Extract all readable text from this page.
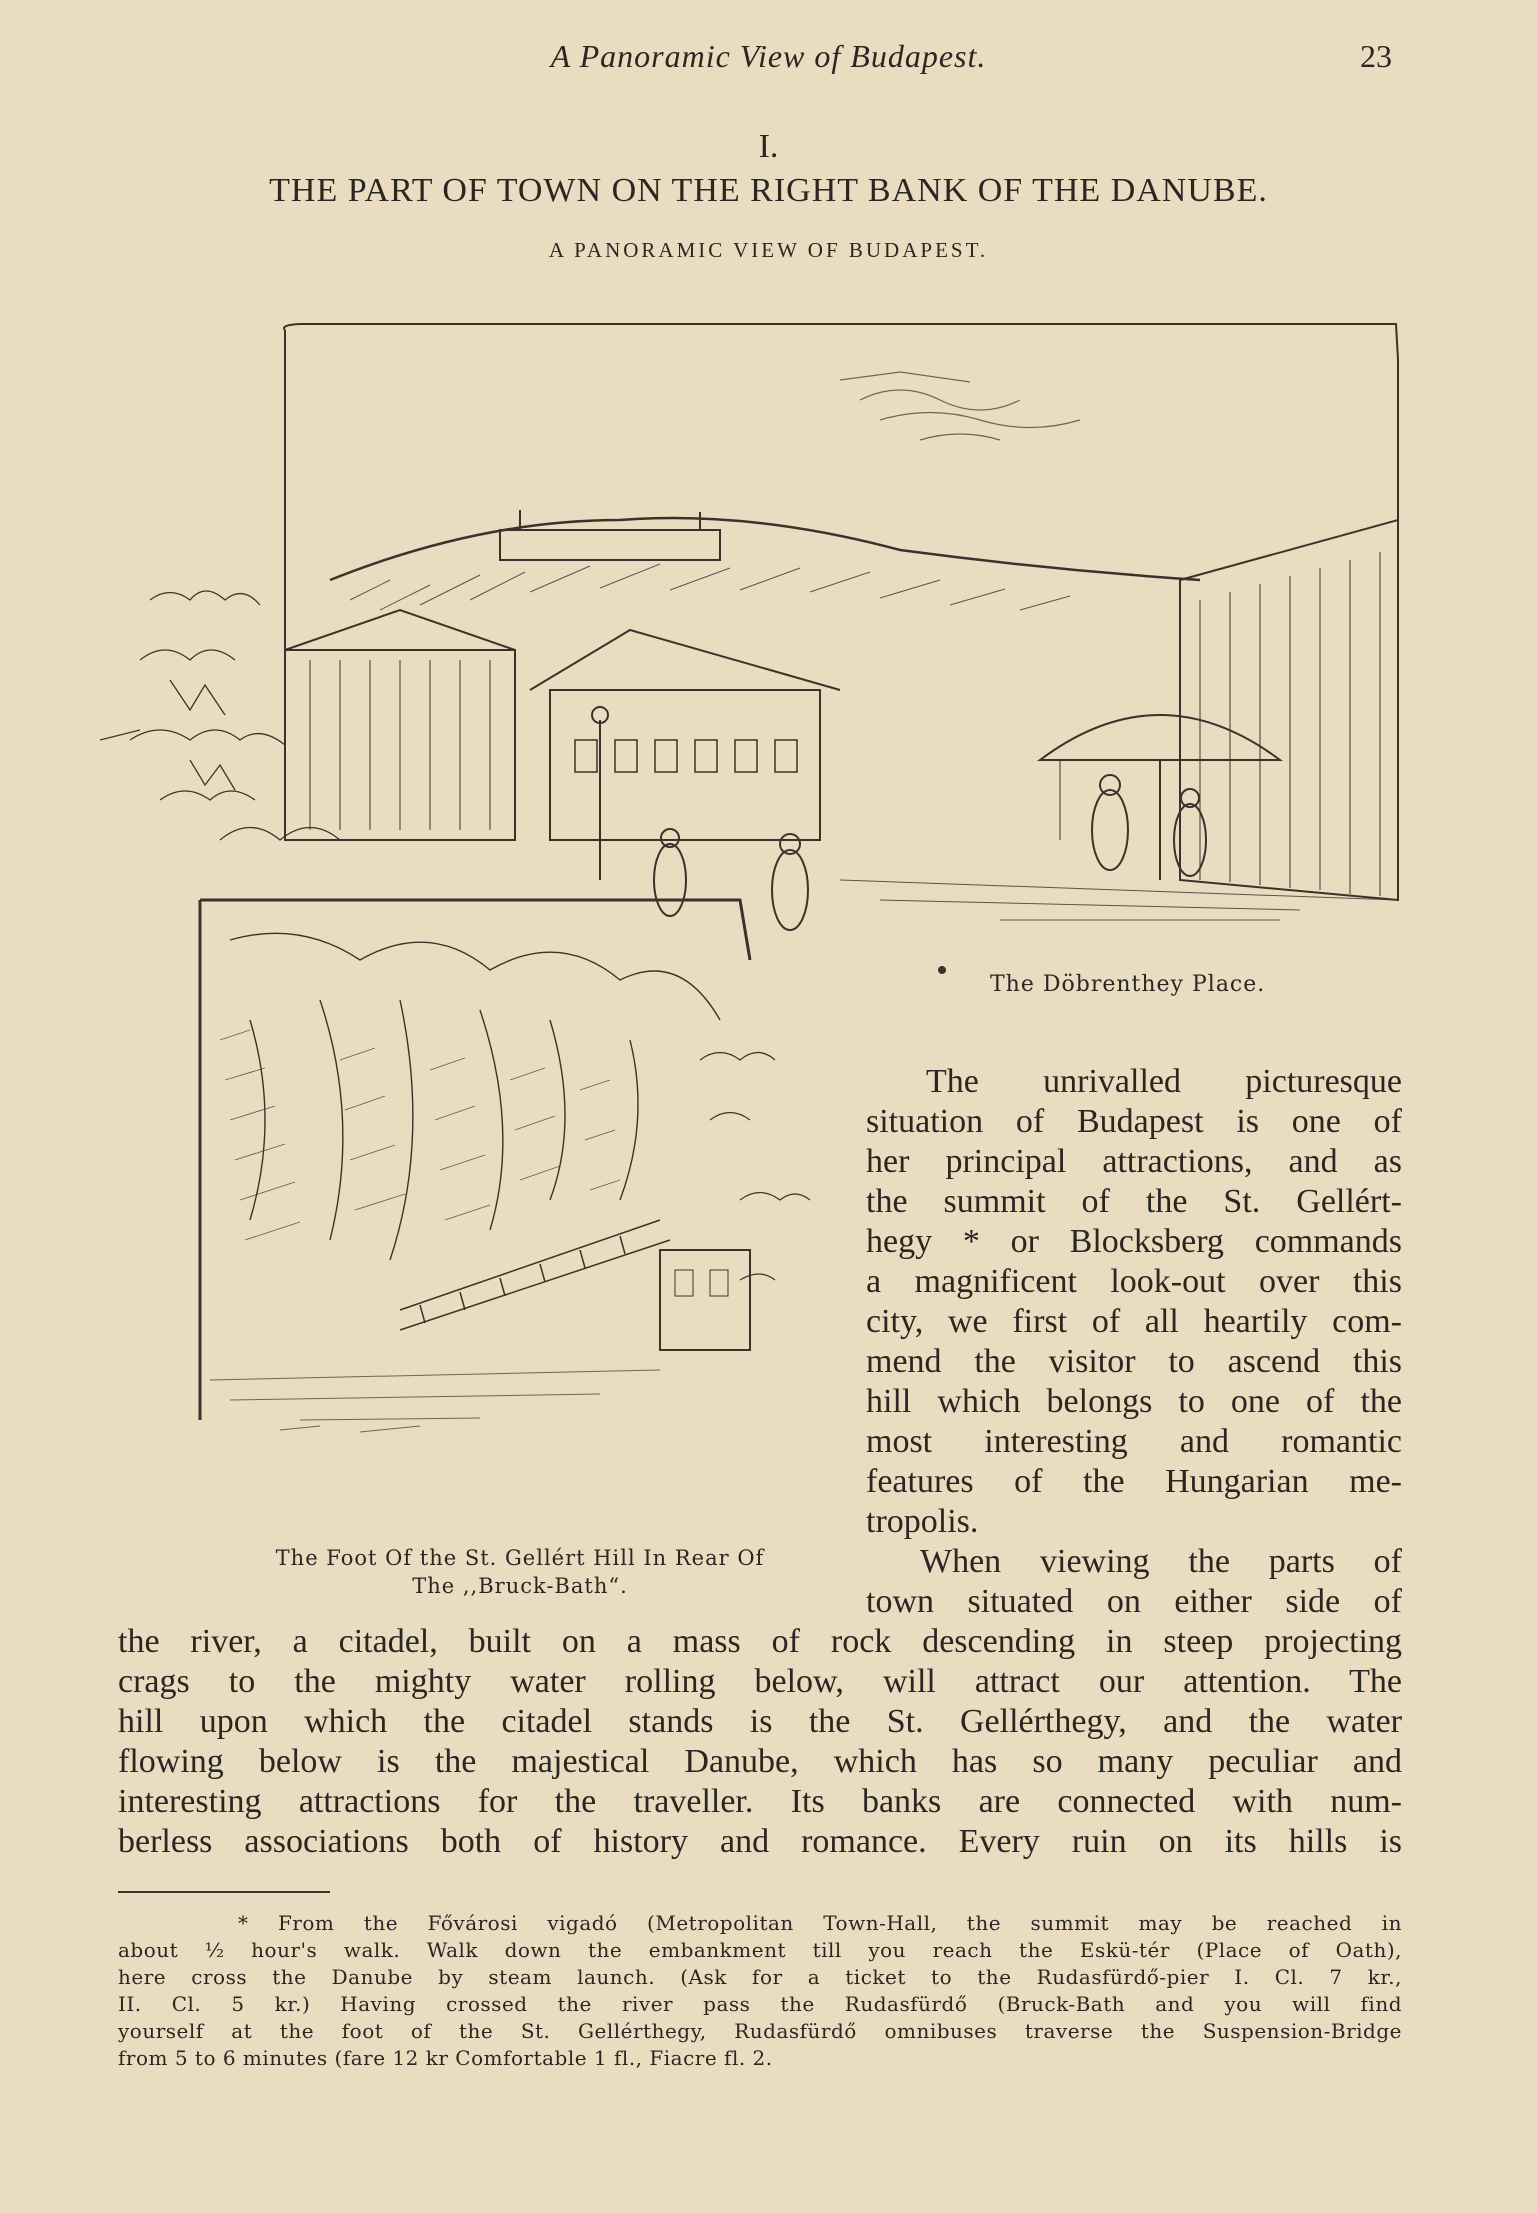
A Panoramic View of Budapest.	23
I.
THE PART OF TOWN ON THE RIGHT BANK OF THE DANUBE.
A PANORAMIC VIEW OF BUDAPEST.
The Döbrenthey Place.
The Foot Of the St. Gellért Hill In Rear Of
The ,,Bruck-Bath“.
The unrivalled picturesque
situation of Budapest is one of
her principal attractions, and as
the summit of the St. Gellért-
hegy * or Blocksberg commands
a magnificent look-out over this
city, we first of all heartily com-
mend the visitor to ascend this
hill which belongs to one of the
most interesting and romantic
features of the Hungarian me-
tropolis.
When viewing the parts of
town situated on either side of
the river, a citadel, built on a mass of rock descending in steep projecting
crags to the mighty water rolling below, will attract our attention. The
hill upon which the citadel stands is the St. Gellérthegy, and the water
flowing below is the majestical Danube, which has so many peculiar and
interesting attractions for the traveller. Its banks are connected with num-
berless associations both of history and romance. Every ruin on its hills is
* From the Fővárosi vigadó (Metropolitan Town-Hall, the summit may be reached in
about ½ hour's walk. Walk down the embankment till you reach the Eskü-tér (Place of Oath),
here cross the Danube by steam launch. (Ask for a ticket to the Rudasfürdő-pier I. Cl. 7 kr.,
II. Cl. 5 kr.) Having crossed the river pass the Rudasfürdő (Bruck-Bath and you will find
yourself at the foot of the St. Gellérthegy, Rudasfürdő omnibuses traverse the Suspension-Bridge
from 5 to 6 minutes (fare 12 kr Comfortable 1 fl., Fiacre fl. 2.
